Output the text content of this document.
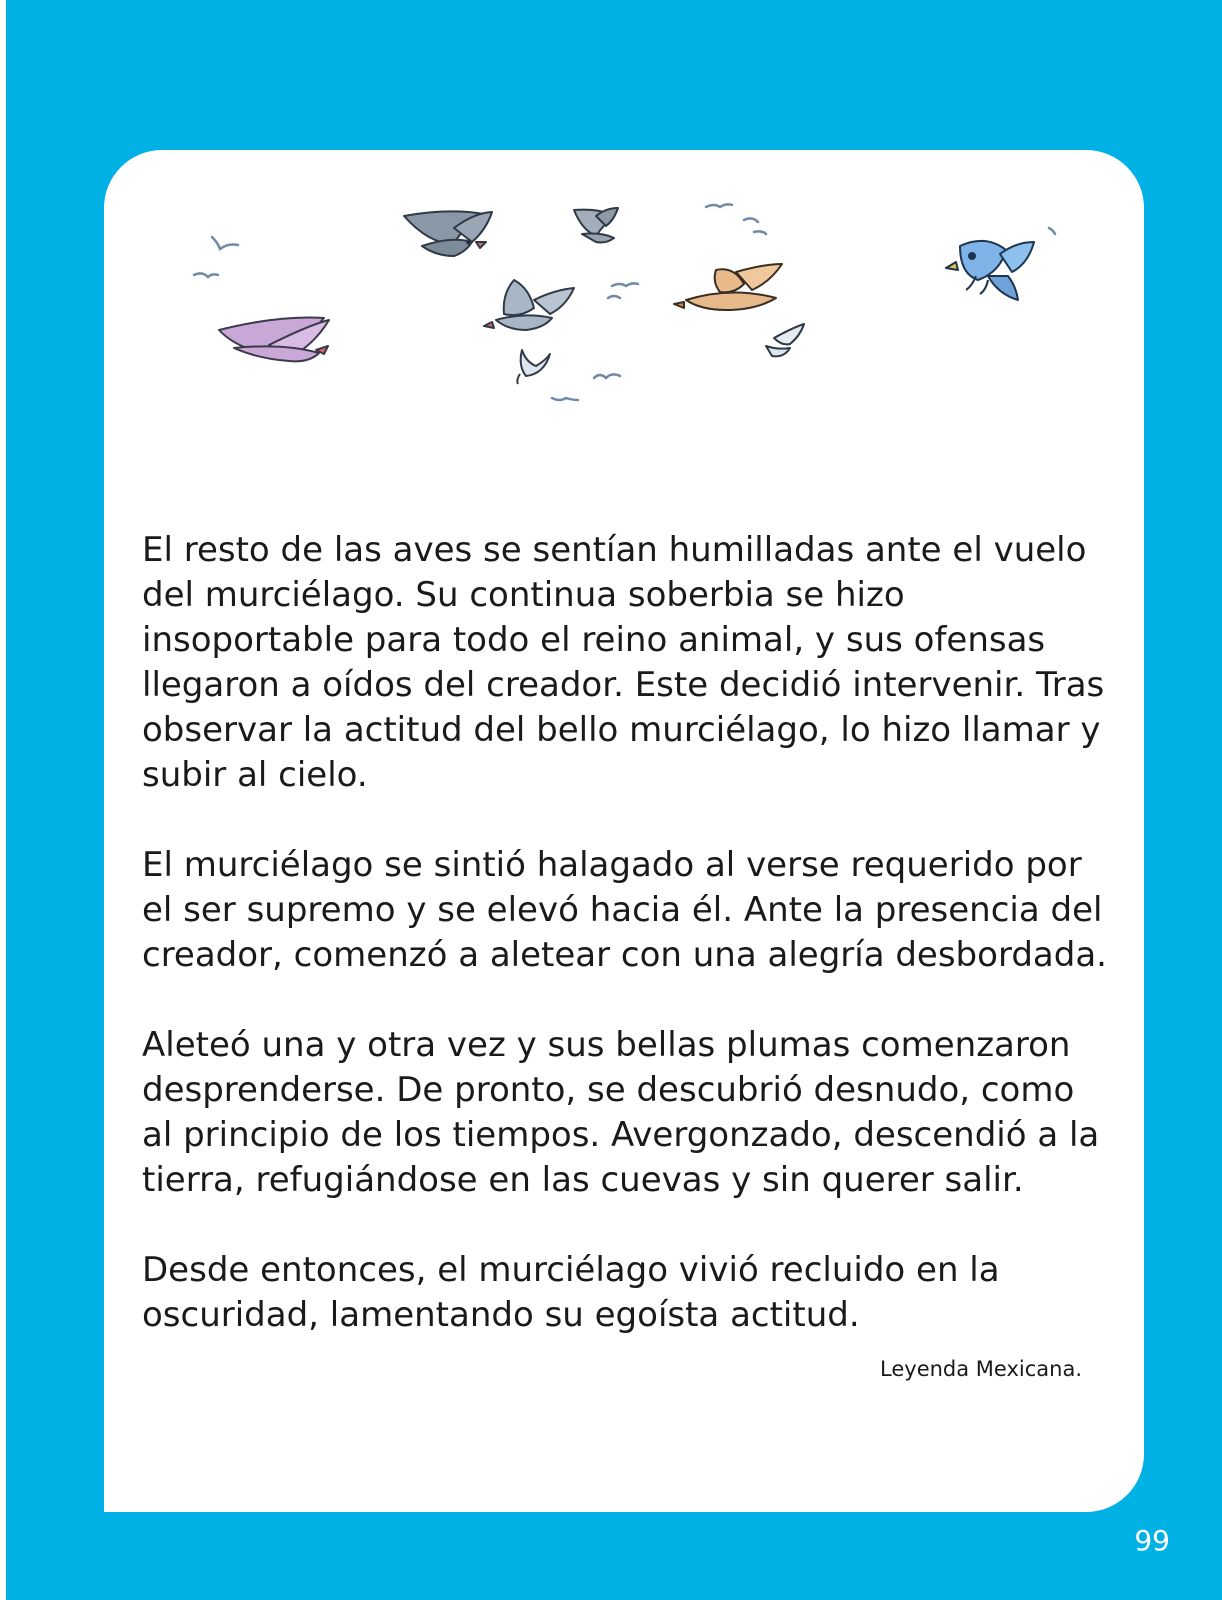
El resto de las aves se sentían humilladas ante el vuelo del murciélago. Su continua soberbia se hizo insoportable para todo el reino animal, y sus ofensas llegaron a oídos del creador. Este decidió intervenir. Tras observar la actitud del bello murciélago, lo hizo llamar y subir al cielo.

El murciélago se sintió halagado al verse requerido por el ser supremo y se elevó hacia él. Ante la presencia del creador, comenzó a aletear con una alegría desbordada.

Aleteó una y otra vez y sus bellas plumas comenzaron desprenderse. De pronto, se descubrió desnudo, como al principio de los tiempos. Avergonzado, descendió a la tierra, refugiándose en las cuevas y sin querer salir.

Desde entonces, el murciélago vivió recluido en la oscuridad, lamentando su egoísta actitud.

Leyenda Mexicana.
99
